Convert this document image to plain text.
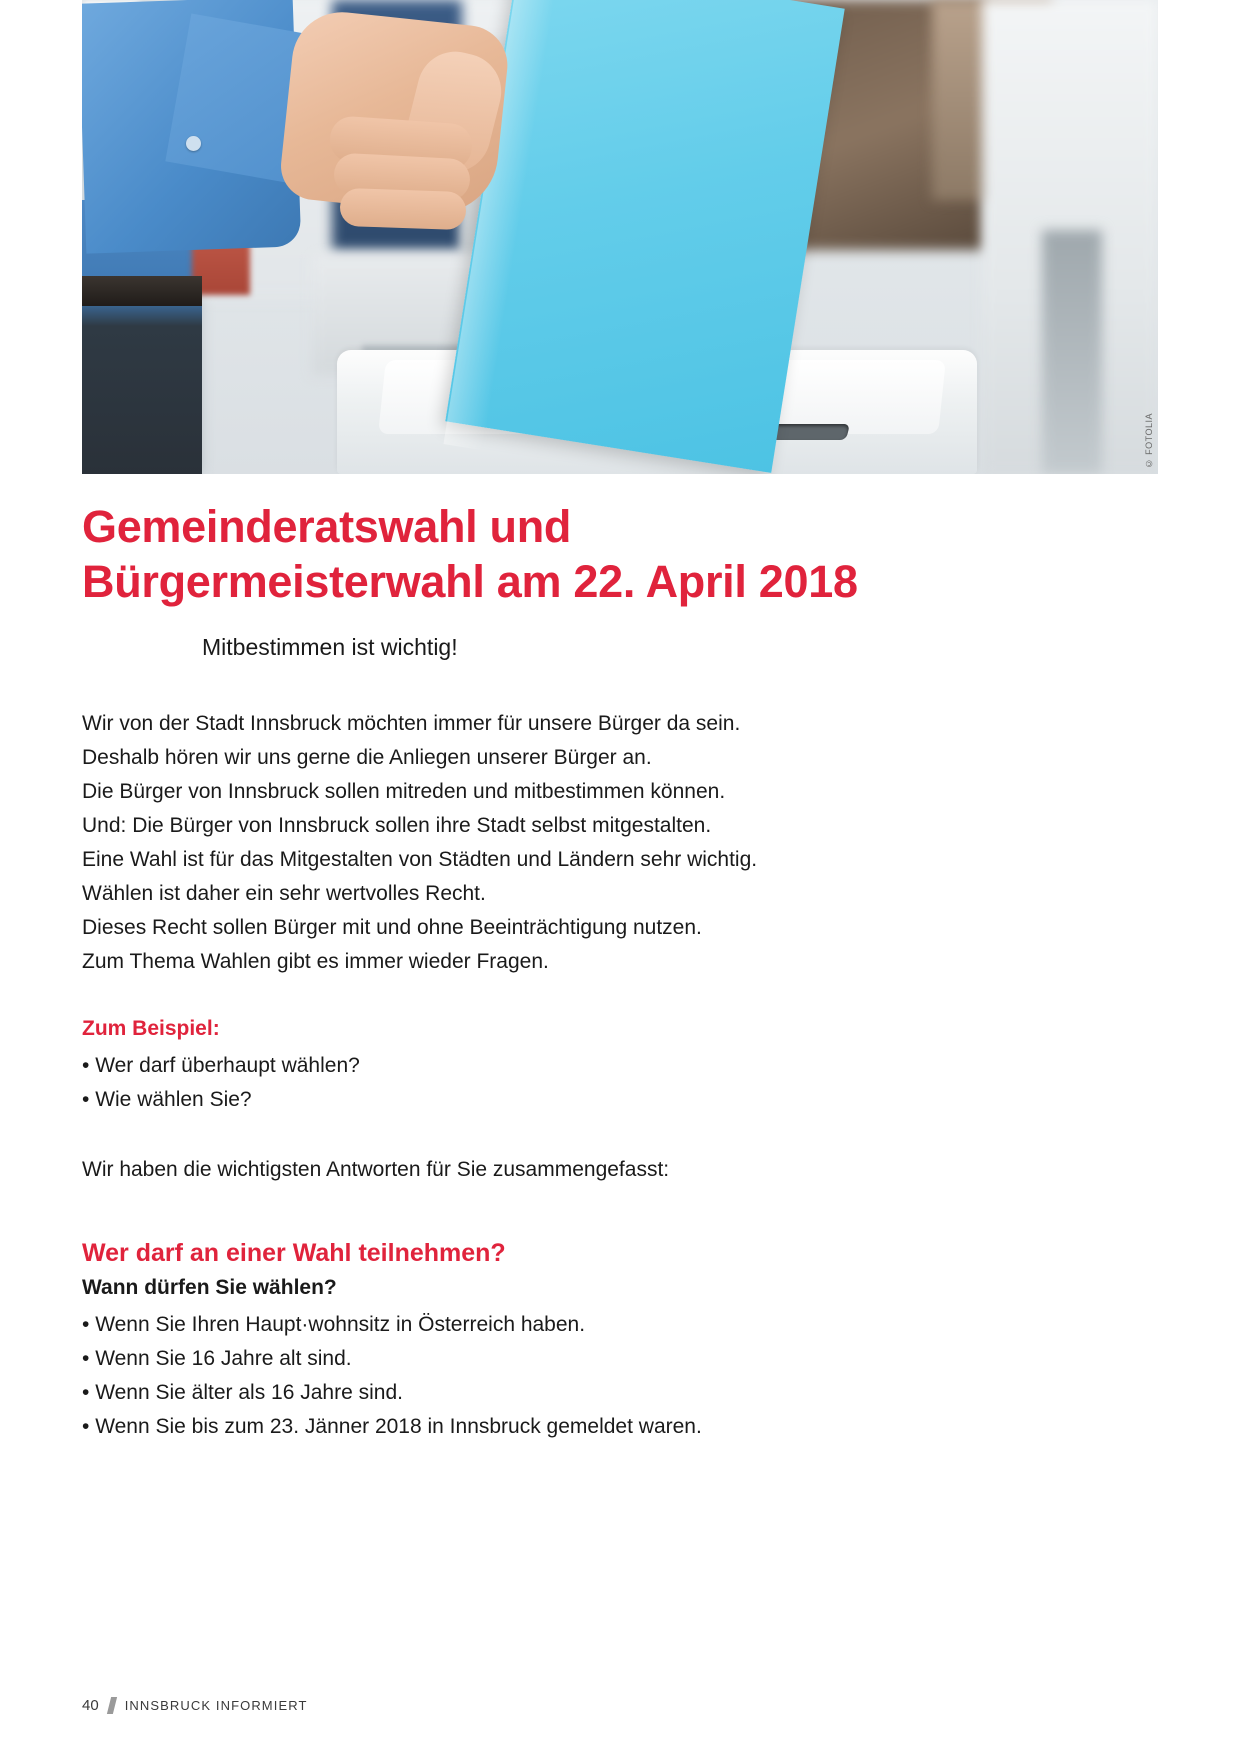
© FOTOLIA
Gemeinderatswahl und
Bürgermeisterwahl am 22. April 2018
Mitbestimmen ist wichtig!
Wir von der Stadt Innsbruck möchten immer für unsere Bürger da sein.
Deshalb hören wir uns gerne die Anliegen unserer Bürger an.
Die Bürger von Innsbruck sollen mitreden und mitbestimmen können.
Und: Die Bürger von Innsbruck sollen ihre Stadt selbst mitgestalten.
Eine Wahl ist für das Mitgestalten von Städten und Ländern sehr wichtig.
Wählen ist daher ein sehr wertvolles Recht.
Dieses Recht sollen Bürger mit und ohne Beeinträchtigung nutzen.
Zum Thema Wahlen gibt es immer wieder Fragen.
Zum Beispiel:
• Wer darf überhaupt wählen?
• Wie wählen Sie?
Wir haben die wichtigsten Antworten für Sie zusammengefasst:
Wer darf an einer Wahl teilnehmen?
Wann dürfen Sie wählen?
• Wenn Sie Ihren Haupt·wohnsitz in Österreich haben.
• Wenn Sie 16 Jahre alt sind.
• Wenn Sie älter als 16 Jahre sind.
• Wenn Sie bis zum 23. Jänner 2018 in Innsbruck gemeldet waren.
40 INNSBRUCK INFORMIERT
